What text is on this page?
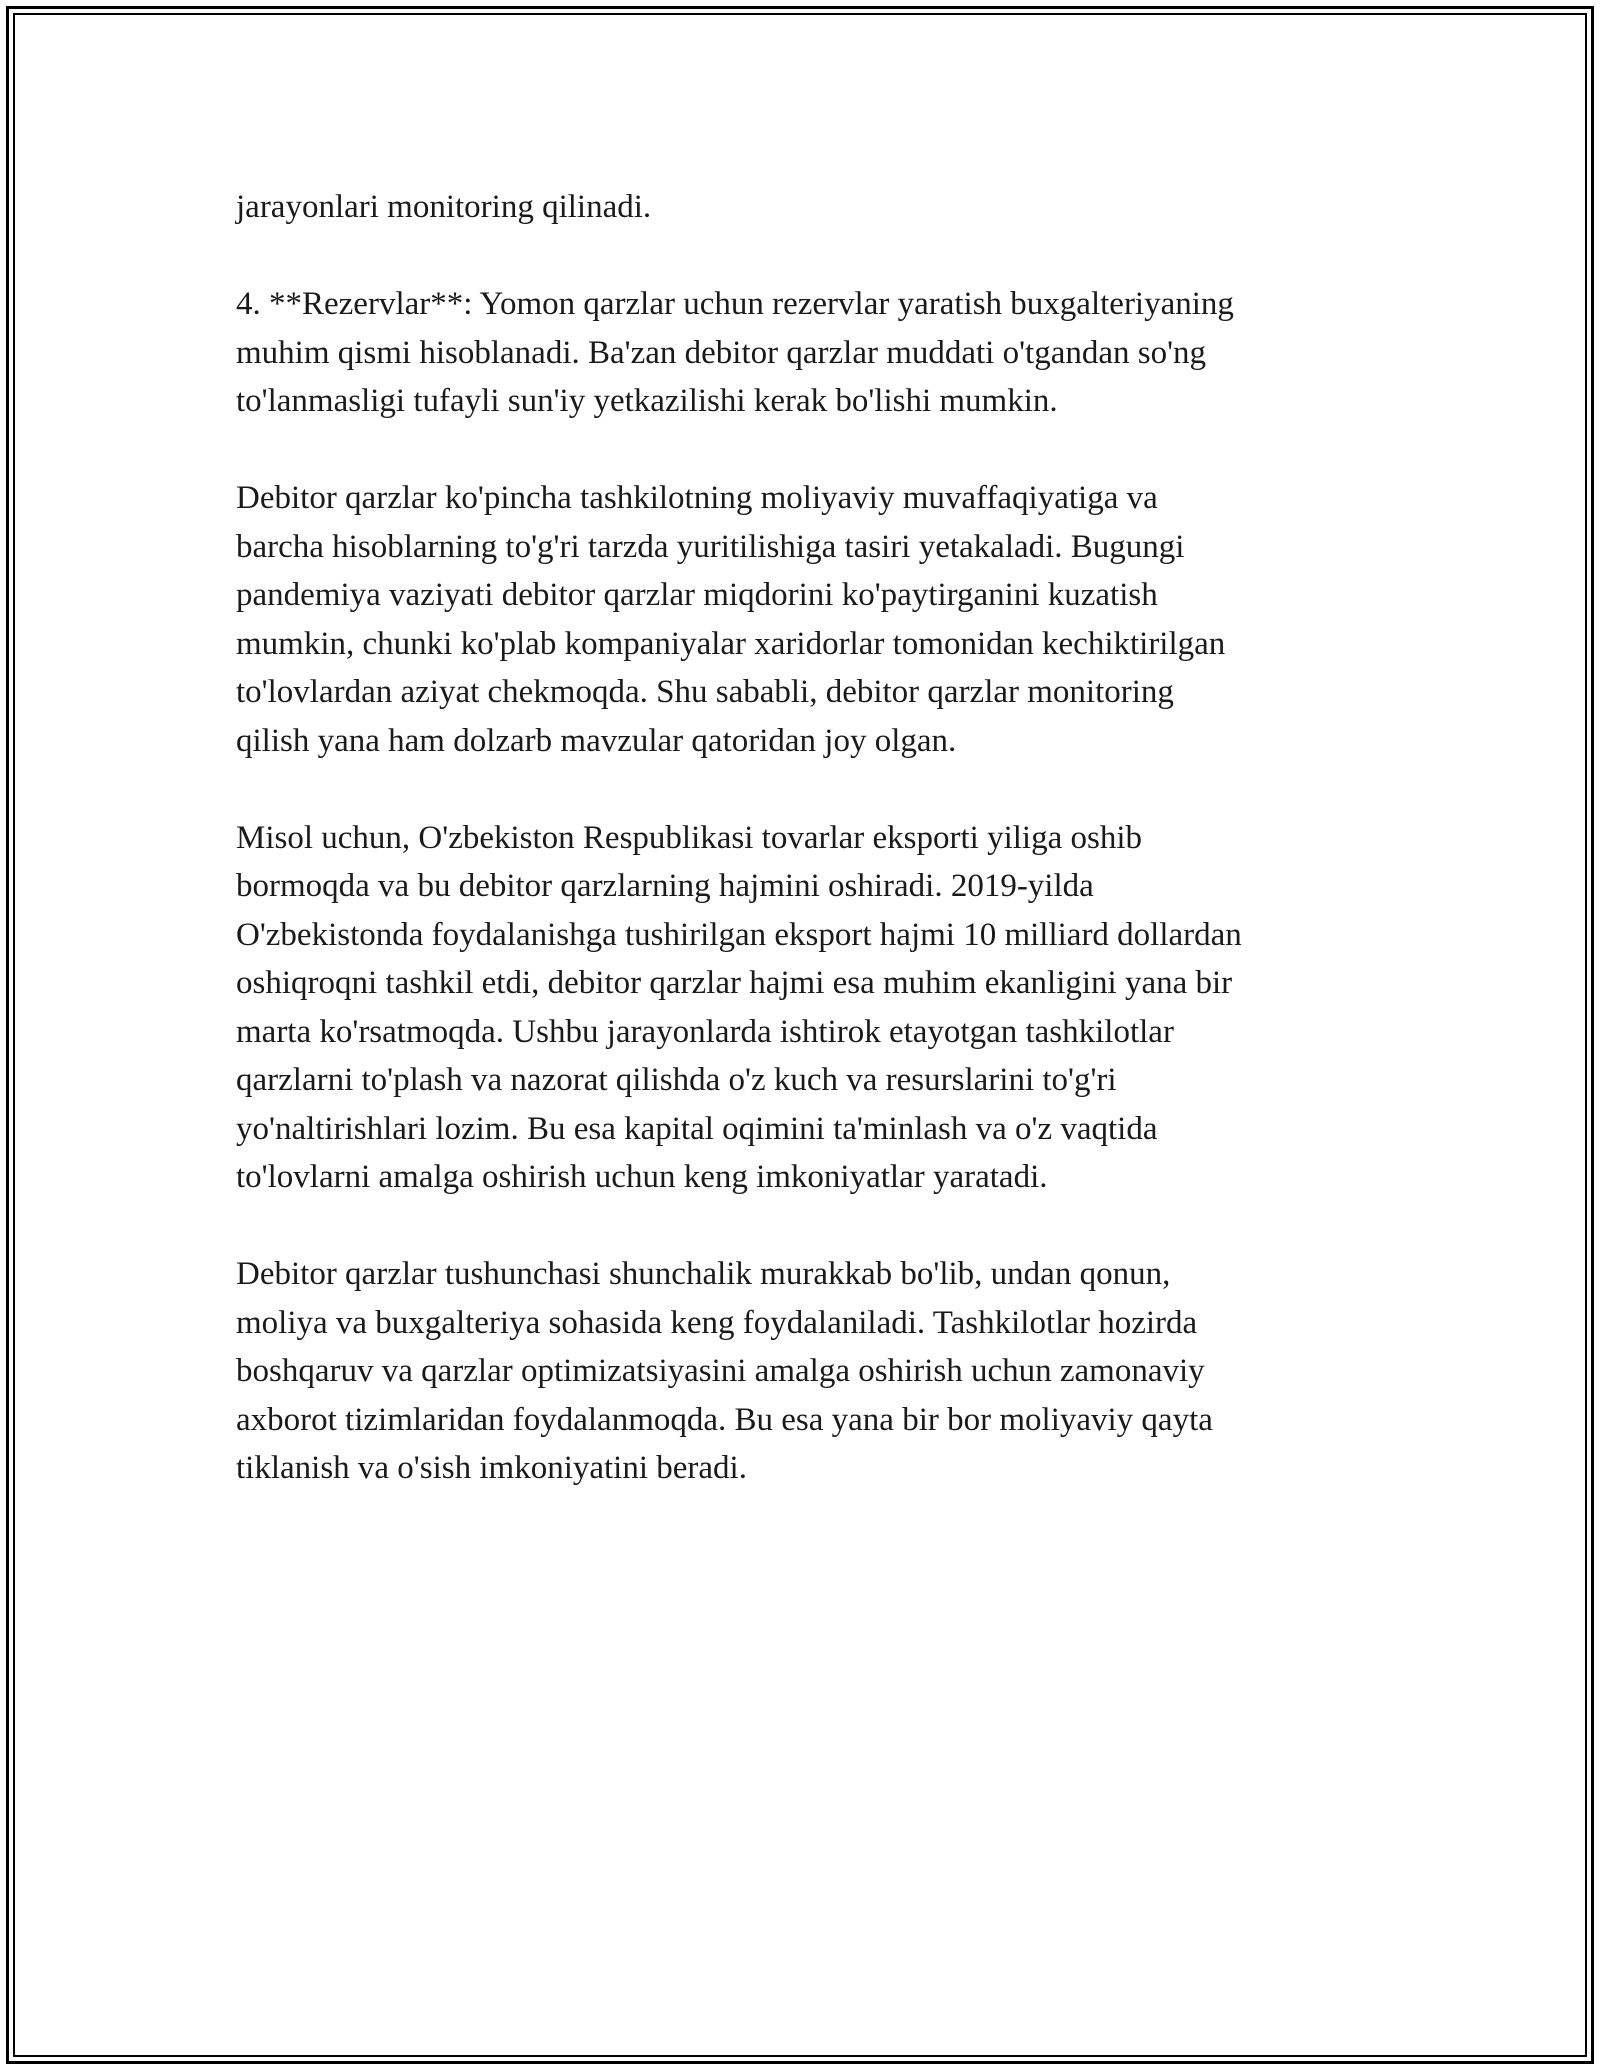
jarayonlari monitoring qilinadi.

4. **Rezervlar**: Yomon qarzlar uchun rezervlar yaratish buxgalteriyaning
muhim qismi hisoblanadi. Ba'zan debitor qarzlar muddati o'tgandan so'ng
to'lanmasligi tufayli sun'iy yetkazilishi kerak bo'lishi mumkin.

Debitor qarzlar ko'pincha tashkilotning moliyaviy muvaffaqiyatiga va
barcha hisoblarning to'g'ri tarzda yuritilishiga tasiri yetakaladi. Bugungi
pandemiya vaziyati debitor qarzlar miqdorini ko'paytirganini kuzatish
mumkin, chunki ko'plab kompaniyalar xaridorlar tomonidan kechiktirilgan
to'lovlardan aziyat chekmoqda. Shu sababli, debitor qarzlar monitoring
qilish yana ham dolzarb mavzular qatoridan joy olgan.

Misol uchun, O'zbekiston Respublikasi tovarlar eksporti yiliga oshib
bormoqda va bu debitor qarzlarning hajmini oshiradi. 2019-yilda
O'zbekistonda foydalanishga tushirilgan eksport hajmi 10 milliard dollardan
oshiqroqni tashkil etdi, debitor qarzlar hajmi esa muhim ekanligini yana bir
marta ko'rsatmoqda. Ushbu jarayonlarda ishtirok etayotgan tashkilotlar
qarzlarni to'plash va nazorat qilishda o'z kuch va resurslarini to'g'ri
yo'naltirishlari lozim. Bu esa kapital oqimini ta'minlash va o'z vaqtida
to'lovlarni amalga oshirish uchun keng imkoniyatlar yaratadi.

Debitor qarzlar tushunchasi shunchalik murakkab bo'lib, undan qonun,
moliya va buxgalteriya sohasida keng foydalaniladi. Tashkilotlar hozirda
boshqaruv va qarzlar optimizatsiyasini amalga oshirish uchun zamonaviy
axborot tizimlaridan foydalanmoqda. Bu esa yana bir bor moliyaviy qayta
tiklanish va o'sish imkoniyatini beradi.
